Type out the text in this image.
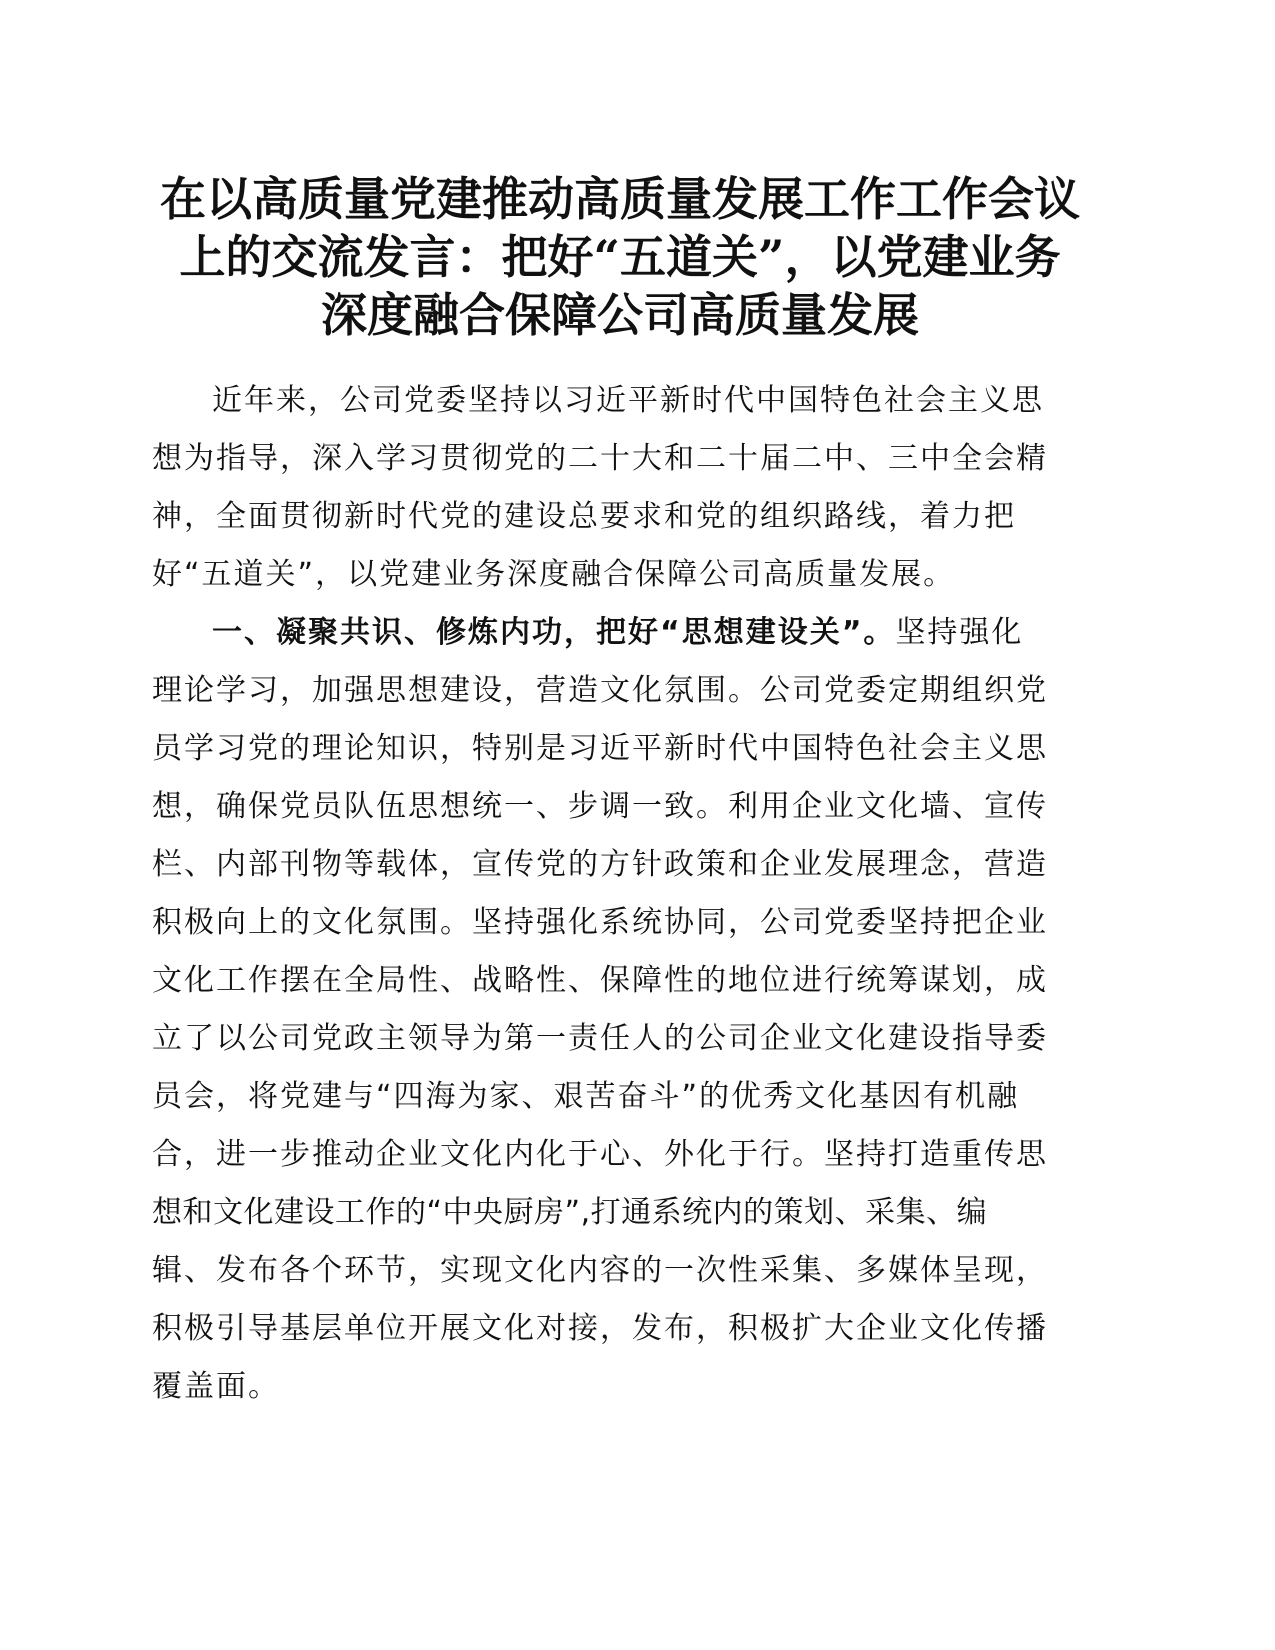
在以高质量党建推动高质量发展工作工作会议
上的交流发言：把好“五道关”，以党建业务
深度融合保障公司高质量发展
近年来，公司党委坚持以习近平新时代中国特色社会主义思
想为指导，深入学习贯彻党的二十大和二十届二中、三中全会精
神，全面贯彻新时代党的建设总要求和党的组织路线，着力把
好“五道关”，以党建业务深度融合保障公司高质量发展。
一、凝聚共识、修炼内功，把好“思想建设关”。坚持强化
理论学习，加强思想建设，营造文化氛围。公司党委定期组织党
员学习党的理论知识，特别是习近平新时代中国特色社会主义思
想，确保党员队伍思想统一、步调一致。利用企业文化墙、宣传
栏、内部刊物等载体，宣传党的方针政策和企业发展理念，营造
积极向上的文化氛围。坚持强化系统协同，公司党委坚持把企业
文化工作摆在全局性、战略性、保障性的地位进行统筹谋划，成
立了以公司党政主领导为第一责任人的公司企业文化建设指导委
员会，将党建与“四海为家、艰苦奋斗”的优秀文化基因有机融
合，进一步推动企业文化内化于心、外化于行。坚持打造重传思
想和文化建设工作的“中央厨房”,打通系统内的策划、采集、编
辑、发布各个环节，实现文化内容的一次性采集、多媒体呈现，
积极引导基层单位开展文化对接，发布，积极扩大企业文化传播
覆盖面。
